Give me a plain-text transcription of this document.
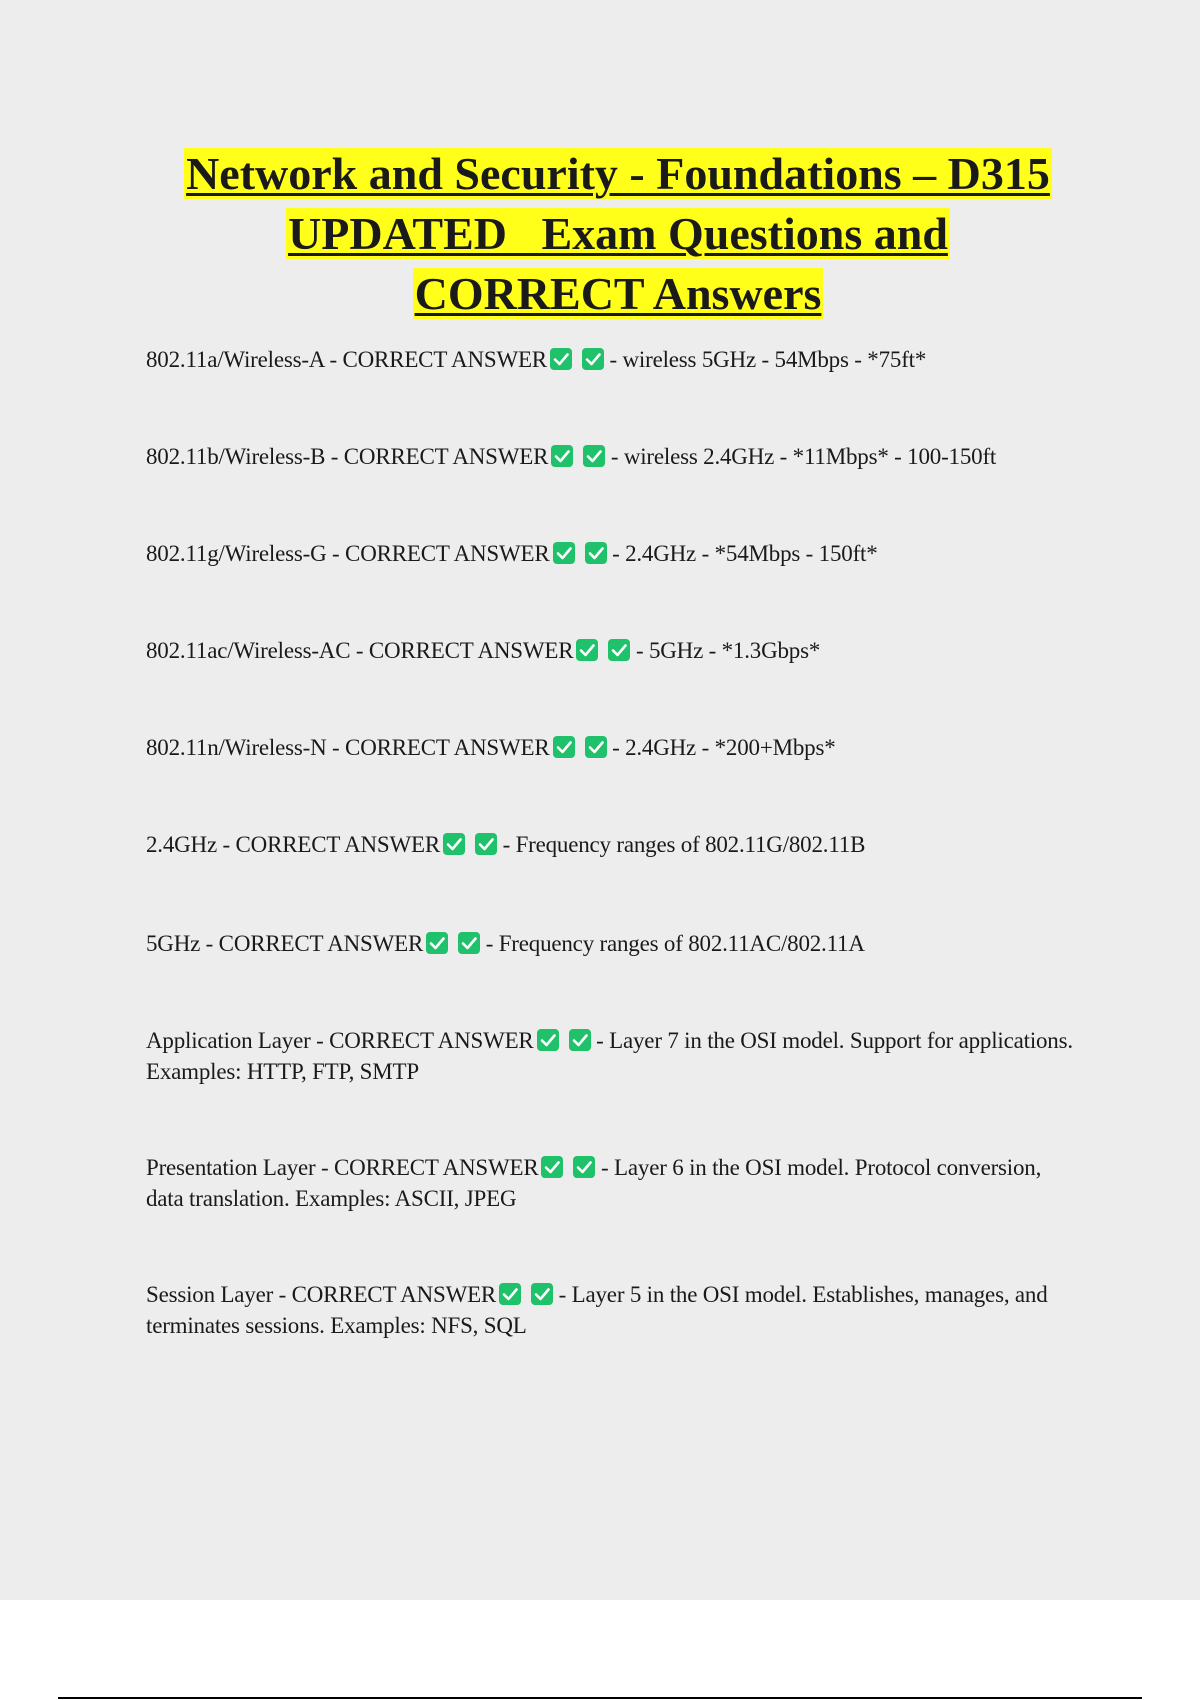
Network and Security - Foundations – D315
UPDATED   Exam Questions and
CORRECT Answers
802.11a/Wireless-A - CORRECT ANSWER	- wireless 5GHz - 54Mbps - *75ft*
802.11b/Wireless-B - CORRECT ANSWER	- wireless 2.4GHz - *11Mbps* - 100-150ft
802.11g/Wireless-G - CORRECT ANSWER	- 2.4GHz - *54Mbps - 150ft*
802.11ac/Wireless-AC - CORRECT ANSWER	- 5GHz - *1.3Gbps*
802.11n/Wireless-N - CORRECT ANSWER	- 2.4GHz - *200+Mbps*
2.4GHz - CORRECT ANSWER	- Frequency ranges of 802.11G/802.11B
5GHz - CORRECT ANSWER	- Frequency ranges of 802.11AC/802.11A
Application Layer - CORRECT ANSWER	- Layer 7 in the OSI model. Support for applications. Examples: HTTP, FTP, SMTP
Presentation Layer - CORRECT ANSWER	- Layer 6 in the OSI model. Protocol conversion, data translation. Examples: ASCII, JPEG
Session Layer - CORRECT ANSWER	- Layer 5 in the OSI model. Establishes, manages, and terminates sessions. Examples: NFS, SQL
